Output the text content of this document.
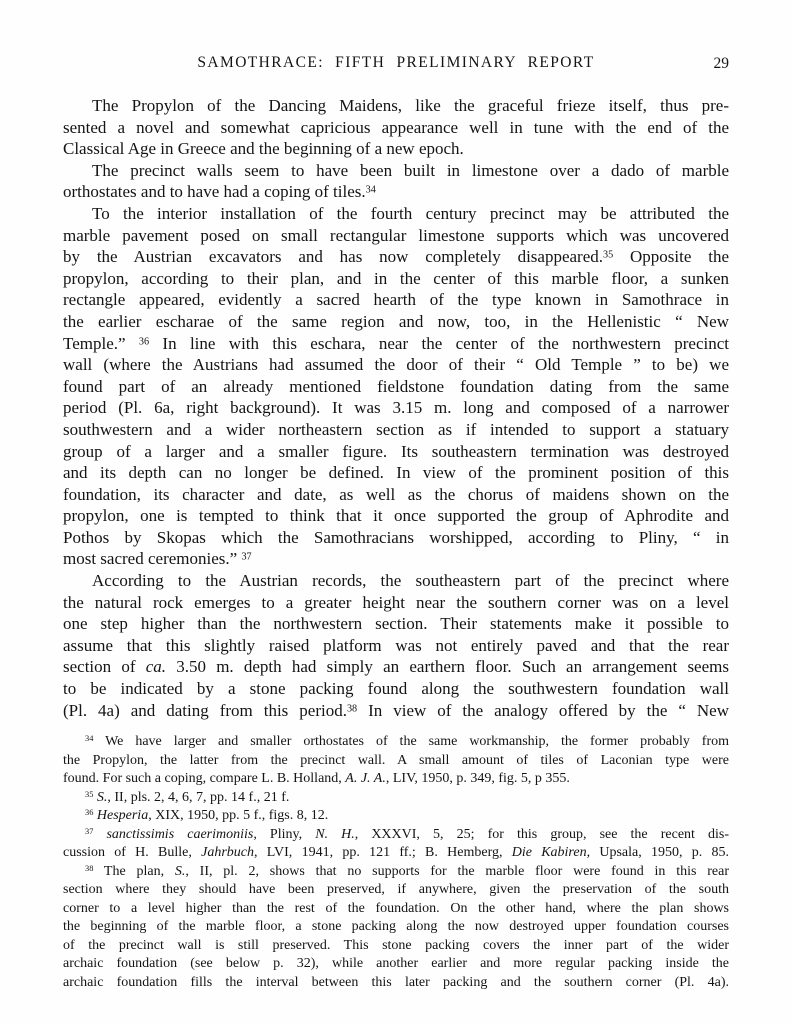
SAMOTHRACE: FIFTH PRELIMINARY REPORT	29
The Propylon of the Dancing Maidens, like the graceful frieze itself, thus pre-
sented a novel and somewhat capricious appearance well in tune with the end of the
Classical Age in Greece and the beginning of a new epoch.
The precinct walls seem to have been built in limestone over a dado of marble
orthostates and to have had a coping of tiles.$^{34}$
To the interior installation of the fourth century precinct may be attributed the
marble pavement posed on small rectangular limestone supports which was uncovered
by the Austrian excavators and has now completely disappeared.$^{35}$ Opposite the
propylon, according to their plan, and in the center of this marble floor, a sunken
rectangle appeared, evidently a sacred hearth of the type known in Samothrace in
the earlier escharae of the same region and now, too, in the Hellenistic “ New
Temple.” $^{36}$ In line with this eschara, near the center of the northwestern precinct
wall (where the Austrians had assumed the door of their “ Old Temple ” to be) we
found part of an already mentioned fieldstone foundation dating from the same
period (Pl. 6a, right background). It was 3.15 m. long and composed of a narrower
southwestern and a wider northeastern section as if intended to support a statuary
group of a larger and a smaller figure. Its southeastern termination was destroyed
and its depth can no longer be defined. In view of the prominent position of this
foundation, its character and date, as well as the chorus of maidens shown on the
propylon, one is tempted to think that it once supported the group of Aphrodite and
Pothos by Skopas which the Samothracians worshipped, according to Pliny, “ in
most sacred ceremonies.” $^{37}$
According to the Austrian records, the southeastern part of the precinct where
the natural rock emerges to a greater height near the southern corner was on a level
one step higher than the northwestern section. Their statements make it possible to
assume that this slightly raised platform was not entirely paved and that the rear
section of ca. 3.50 m. depth had simply an earthern floor. Such an arrangement seems
to be indicated by a stone packing found along the southwestern foundation wall
(Pl. 4a) and dating from this period.$^{38}$ In view of the analogy offered by the “ New
$^{34}$ We have larger and smaller orthostates of the same workmanship, the former probably from
the Propylon, the latter from the precinct wall. A small amount of tiles of Laconian type were
found. For such a coping, compare L. B. Holland, A. J. A., LIV, 1950, p. 349, fig. 5, p 355.
$^{35}$ S., II, pls. 2, 4, 6, 7, pp. 14 f., 21 f.
$^{36}$ Hesperia, XIX, 1950, pp. 5 f., figs. 8, 12.
$^{37}$ sanctissimis caerimoniis, Pliny, N. H., XXXVI, 5, 25; for this group, see the recent dis-
cussion of H. Bulle, Jahrbuch, LVI, 1941, pp. 121 ff.; B. Hemberg, Die Kabiren, Upsala, 1950, p. 85.
$^{38}$ The plan, S., II, pl. 2, shows that no supports for the marble floor were found in this rear
section where they should have been preserved, if anywhere, given the preservation of the south
corner to a level higher than the rest of the foundation. On the other hand, where the plan shows
the beginning of the marble floor, a stone packing along the now destroyed upper foundation courses
of the precinct wall is still preserved. This stone packing covers the inner part of the wider
archaic foundation (see below p. 32), while another earlier and more regular packing inside the
archaic foundation fills the interval between this later packing and the southern corner (Pl. 4a).
